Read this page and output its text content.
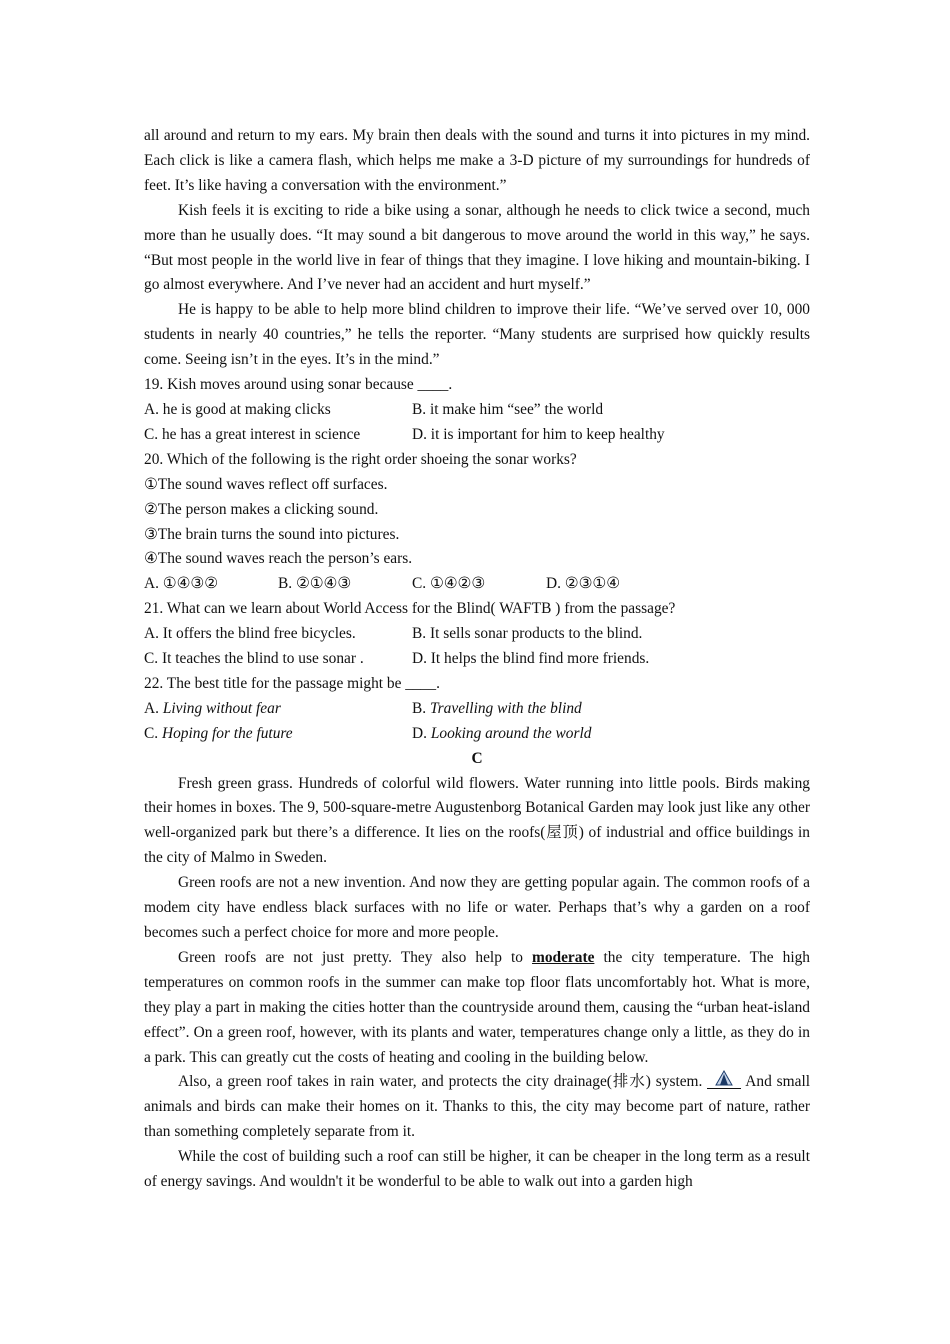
all around and return to my ears. My brain then deals with the sound and turns it into pictures in my mind. Each click is like a camera flash, which helps me make a 3-D picture of my surroundings for hundreds of feet. It’s like having a conversation with the environment.”

Kish feels it is exciting to ride a bike using a sonar, although he needs to click twice a second, much more than he usually does. “It may sound a bit dangerous to move around the world in this way,” he says. “But most people in the world live in fear of things that they imagine. I love hiking and mountain-biking. I go almost everywhere. And I’ve never had an accident and hurt myself.”

He is happy to be able to help more blind children to improve their life. “We’ve served over 10, 000 students in nearly 40 countries,” he tells the reporter. “Many students are surprised how quickly results come. Seeing isn’t in the eyes. It’s in the mind.”

19. Kish moves around using sonar because ____.

A. he is good at making clicks	B. it make him “see” the world
C. he has a great interest in science	D. it is important for him to keep healthy

20. Which of the following is the right order shoeing the sonar works?

①The sound waves reflect off surfaces.

②The person makes a clicking sound.

③The brain turns the sound into pictures.

④The sound waves reach the person’s ears.

A. ①④③②	B. ②①④③	C. ①④②③	D. ②③①④

21. What can we learn about World Access for the Blind( WAFTB ) from the passage?

A. It offers the blind free bicycles.	B. It sells sonar products to the blind.
C. It teaches the blind to use sonar .	D. It helps the blind find more friends.

22. The best title for the passage might be ____.

A. Living without fear	B. Travelling with the blind
C. Hoping for the future	D. Looking around the world

C

Fresh green grass. Hundreds of colorful wild flowers. Water running into little pools. Birds making their homes in boxes. The 9, 500-square-metre Augustenborg Botanical Garden may look just like any other well-organized park but there’s a difference. It lies on the roofs(屋顶) of industrial and office buildings in the city of Malmo in Sweden.

Green roofs are not a new invention. And now they are getting popular again. The common roofs of a modem city have endless black surfaces with no life or water. Perhaps that’s why a garden on a roof becomes such a perfect choice for more and more people.

Green roofs are not just pretty. They also help to moderate the city temperature. The high temperatures on common roofs in the summer can make top floor flats uncomfortably hot. What is more, they play a part in making the cities hotter than the countryside around them, causing the “urban heat-island effect”. On a green roof, however, with its plants and water, temperatures change only a little, as they do in a park. This can greatly cut the costs of heating and cooling in the building below.

Also, a green roof takes in rain water, and protects the city drainage(排水) system.
And small animals and birds can make their homes on it. Thanks to this, the city may become part of nature, rather than something completely separate from it.

While the cost of building such a roof can still be higher, it can be cheaper in the long term as a result of energy savings. And wouldn't it be wonderful to be able to walk out into a garden high
